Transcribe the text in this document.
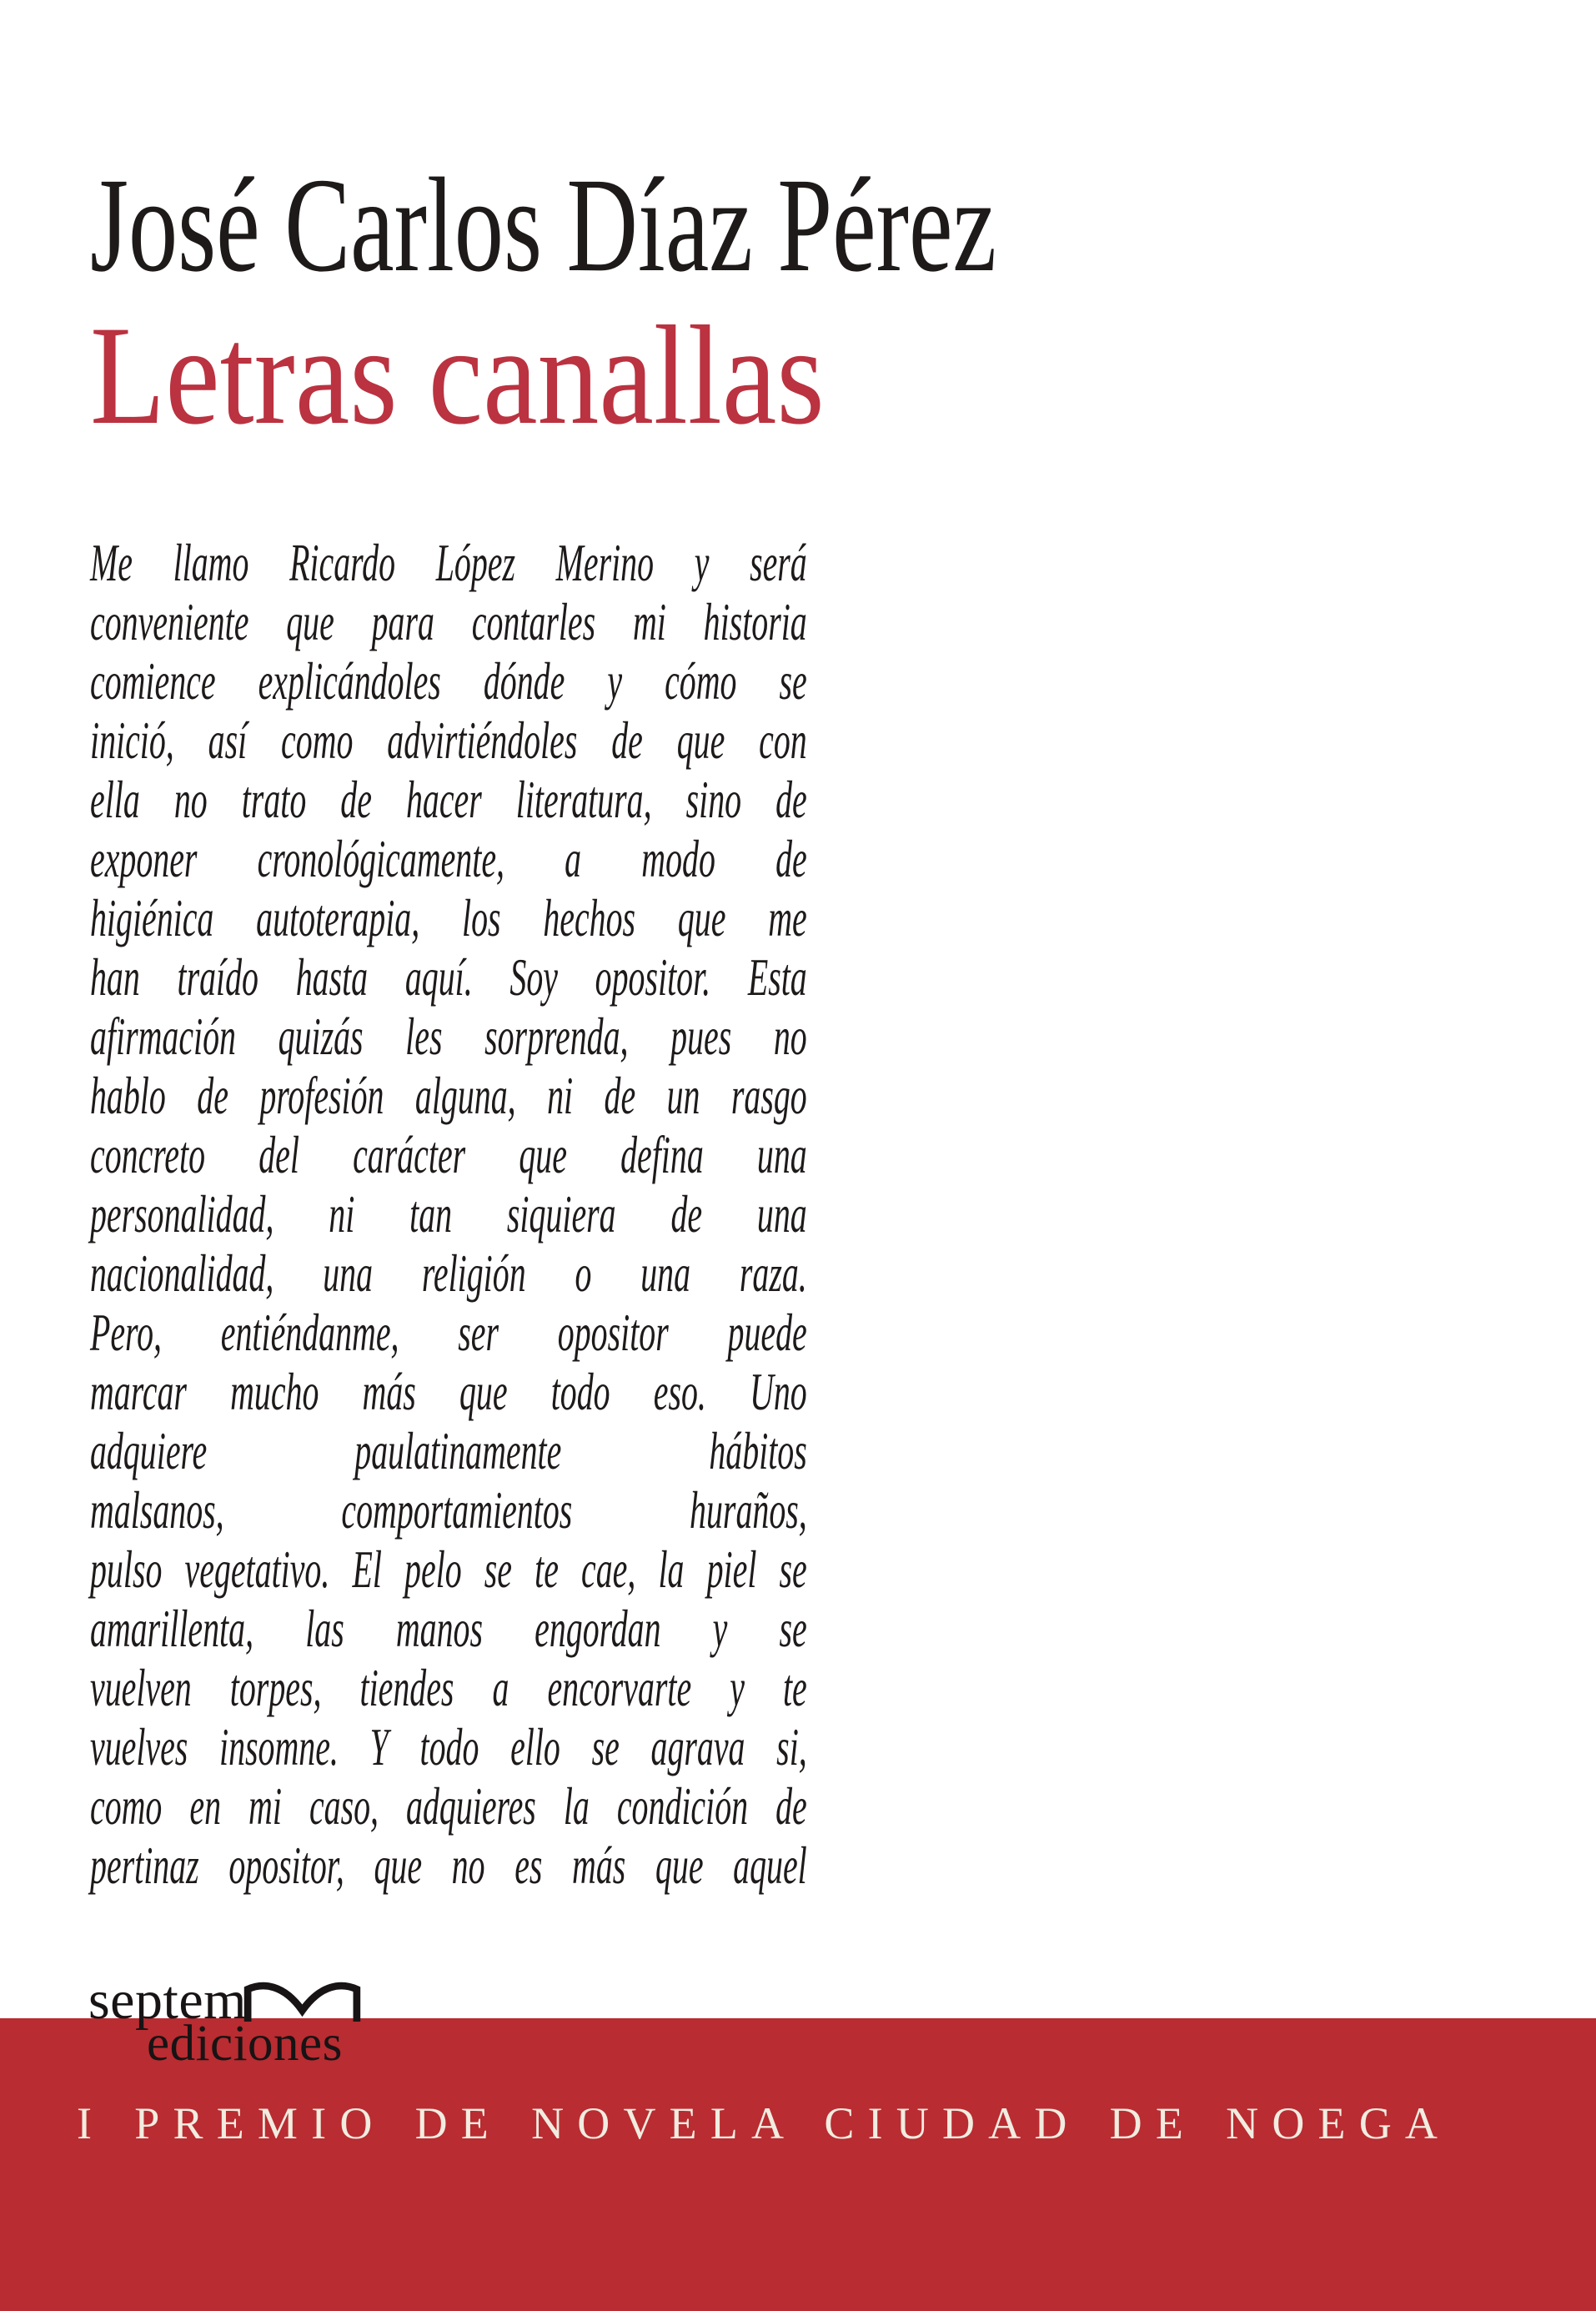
José Carlos Díaz Pérez
Letras canallas
Me llamo Ricardo López Merino y será
conveniente que para contarles mi historia
comience explicándoles dónde y cómo se
inició, así como advirtiéndoles de que con
ella no trato de hacer literatura, sino de
exponer cronológicamente, a modo de
higiénica autoterapia, los hechos que me
han traído hasta aquí. Soy opositor. Esta
afirmación quizás les sorprenda, pues no
hablo de profesión alguna, ni de un rasgo
concreto del carácter que defina una
personalidad, ni tan siquiera de una
nacionalidad, una religión o una raza.
Pero, entiéndanme, ser opositor puede
marcar mucho más que todo eso. Uno
adquiere paulatinamente hábitos
malsanos, comportamientos huraños,
pulso vegetativo. El pelo se te cae, la piel se
amarillenta, las manos engordan y se
vuelven torpes, tiendes a encorvarte y te
vuelves insomne. Y todo ello se agrava si,
como en mi caso, adquieres la condición de
pertinaz opositor, que no es más que aquel
septem
ediciones
I PREMIO DE NOVELA CIUDAD DE NOEGA
